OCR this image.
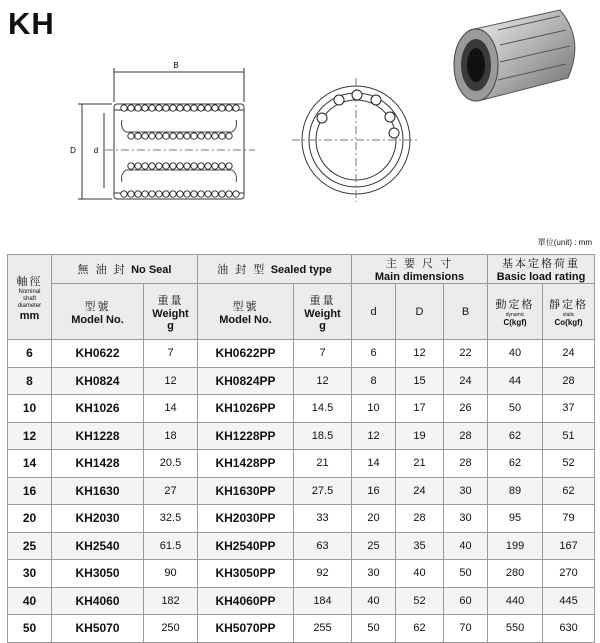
KH
B
D d
單位(unit) : mm
軸徑
Nominal
shaft
diameter
mm	無 油 封 No Seal		油 封 型 Sealed type		主 要 尺 寸
Main dimensions			基本定格荷重
Basic load rating	

	型號
Model No.	重量
Weight
g	型號
Model No.	重量
Weight
g	d	D	B	動定格
dynamic
C(kgf)	靜定格
static
Co(kgf)

6	KH0622	7	KH0622PP	7	6	12	22	40	24
8	KH0824	12	KH0824PP	12	8	15	24	44	28
10	KH1026	14	KH1026PP	14.5	10	17	26	50	37
12	KH1228	18	KH1228PP	18.5	12	19	28	62	51
14	KH1428	20.5	KH1428PP	21	14	21	28	62	52
16	KH1630	27	KH1630PP	27.5	16	24	30	89	62
20	KH2030	32.5	KH2030PP	33	20	28	30	95	79
25	KH2540	61.5	KH2540PP	63	25	35	40	199	167
30	KH3050	90	KH3050PP	92	30	40	50	280	270
40	KH4060	182	KH4060PP	184	40	52	60	440	445
50	KH5070	250	KH5070PP	255	50	62	70	550	630
